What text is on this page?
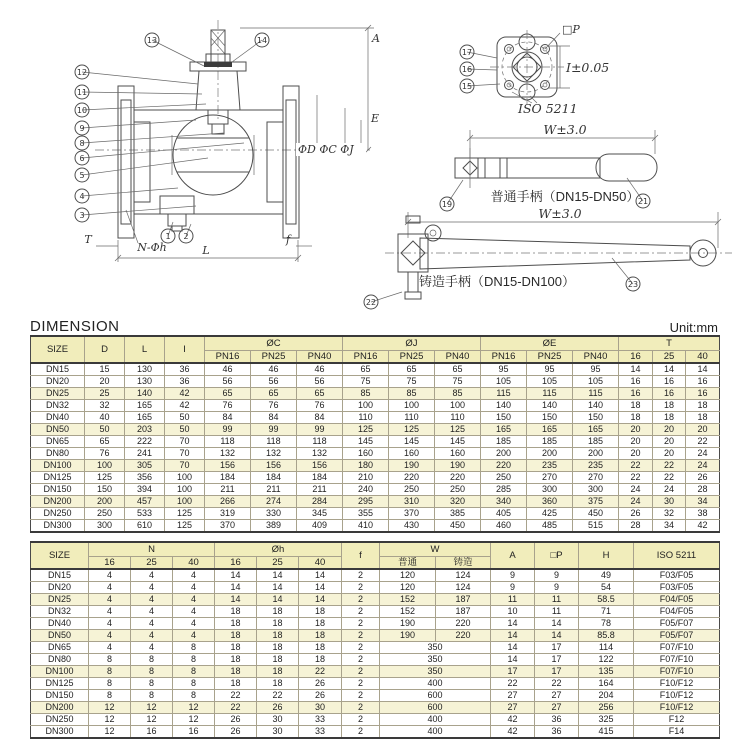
L
T	f
N-Φh
A
E
ΦD ΦC ΦJ
□P
I±0.05
ISO 5211
W±3.0
普通手柄（DN15-DN50）
W±3.0
铸造手柄（DN15-DN100）
13	14
12
11
10
9
8
6
5
4
3
1 2
17
16
15
19	21
22
23
DIMENSION	Unit:mm
SIZE	D	L	I	ØC			ØJ			ØE			T		
				PN16	PN25	PN40	PN16	PN25	PN40	PN16	PN25	PN40	16	25	40
DN15	15	130	36	46	46	46	65	65	65	95	95	95	14	14	14
DN20	20	130	36	56	56	56	75	75	75	105	105	105	16	16	16
DN25	25	140	42	65	65	65	85	85	85	115	115	115	16	16	16
DN32	32	165	42	76	76	76	100	100	100	140	140	140	18	18	18
DN40	40	165	50	84	84	84	110	110	110	150	150	150	18	18	18
DN50	50	203	50	99	99	99	125	125	125	165	165	165	20	20	20
DN65	65	222	70	118	118	118	145	145	145	185	185	185	20	20	22
DN80	76	241	70	132	132	132	160	160	160	200	200	200	20	20	24
DN100	100	305	70	156	156	156	180	190	190	220	235	235	22	22	24
DN125	125	356	100	184	184	184	210	220	220	250	270	270	22	22	26
DN150	150	394	100	211	211	211	240	250	250	285	300	300	24	24	28
DN200	200	457	100	266	274	284	295	310	320	340	360	375	24	30	34
DN250	250	533	125	319	330	345	355	370	385	405	425	450	26	32	38
DN300	300	610	125	370	389	409	410	430	450	460	485	515	28	34	42
SIZE	N			Øh			f	W		A	□P	H	ISO 5211
	16	25	40	16	25	40		普通	铸造				
DN15	4	4	4	14	14	14	2	120	124	9	9	49	F03/F05
DN20	4	4	4	14	14	14	2	120	124	9	9	54	F03/F05
DN25	4	4	4	14	14	14	2	152	187	11	11	58.5	F04/F05
DN32	4	4	4	18	18	18	2	152	187	10	11	71	F04/F05
DN40	4	4	4	18	18	18	2	190	220	14	14	78	F05/F07
DN50	4	4	4	18	18	18	2	190	220	14	14	85.8	F05/F07
DN65	4	4	8	18	18	18	2	350		14	17	114	F07/F10
DN80	8	8	8	18	18	18	2	350		14	17	122	F07/F10
DN100	8	8	8	18	18	22	2	350		17	17	135	F07/F10
DN125	8	8	8	18	18	26	2	400		22	22	164	F10/F12
DN150	8	8	8	22	22	26	2	600		27	27	204	F10/F12
DN200	12	12	12	22	26	30	2	600		27	27	256	F10/F12
DN250	12	12	12	26	30	33	2	400		42	36	325	F12
DN300	12	16	16	26	30	33	2	400		42	36	415	F14
